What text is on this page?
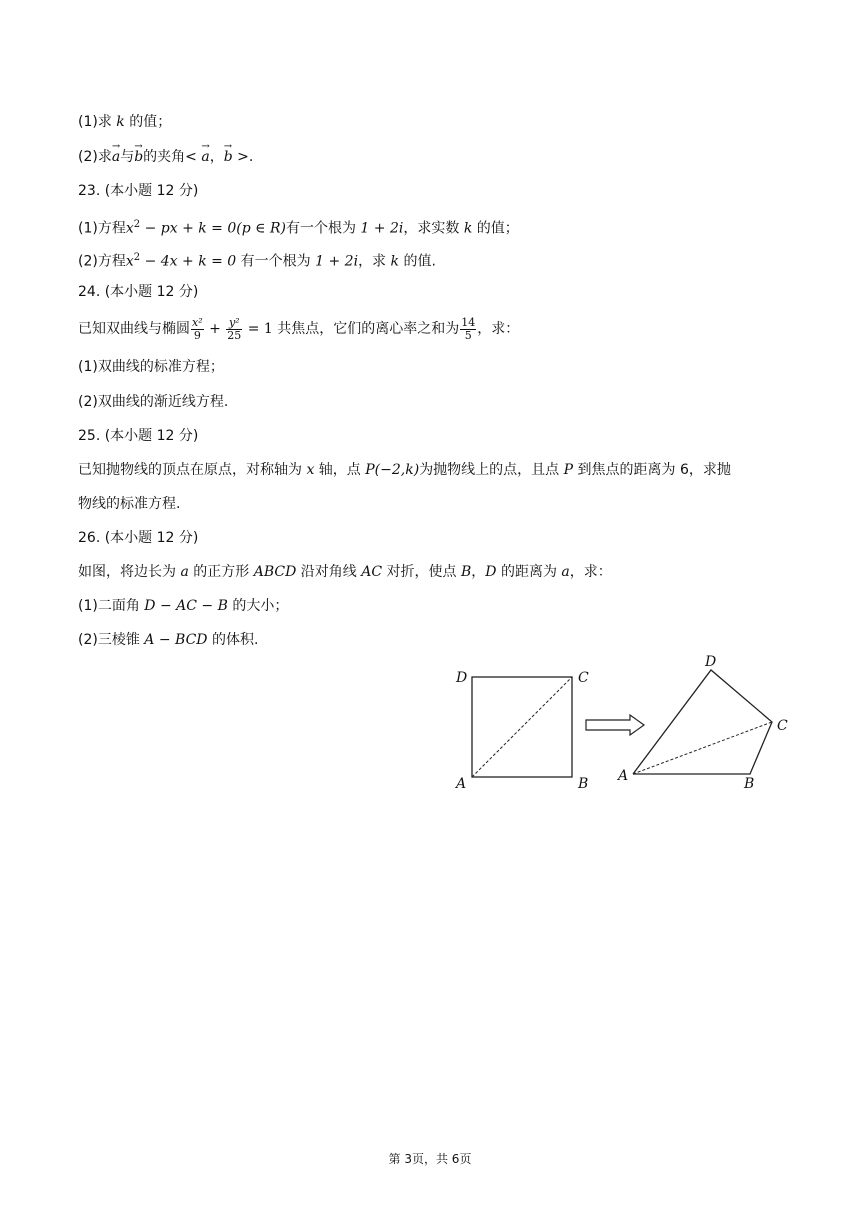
(1)求 k 的值；
(2)求→ a与→ b的夹角< → a，→ b >.
23. (本小题 12 分)
(1)方程$x^2$ − px + k = 0(p ∈ R)有一个根为 1 + 2i，求实数 k 的值；
(2)方程$x^2 - 4x + k = 0$ 有一个根为 1 + 2i，求 k 的值.
24. (本小题 12 分)
已知双曲线与椭圆 $\frac{\text{x²}}{9} + \frac{\text{y²}}{25} = 1$ 共焦点，它们的离心率之和为 $\frac{14}{5}$ ，求：
(1)双曲线的标准方程；
(2)双曲线的渐近线方程.
25. (本小题 12 分)
已知抛物线的顶点在原点，对称轴为 x 轴，点 P(−2,k)为抛物线上的点，且点 P 到焦点的距离为 6，求抛
物线的标准方程.
26. (本小题 12 分)
如图，将边长为 a 的正方形 ABCD 沿对角线 AC 对折，使点 B，D 的距离为 a，求：
(1)二面角 D − AC − B 的大小；
(2)三棱锥 A − BCD 的体积.
D	C
A	B
D
C
A	B
第 3页，共 6页
